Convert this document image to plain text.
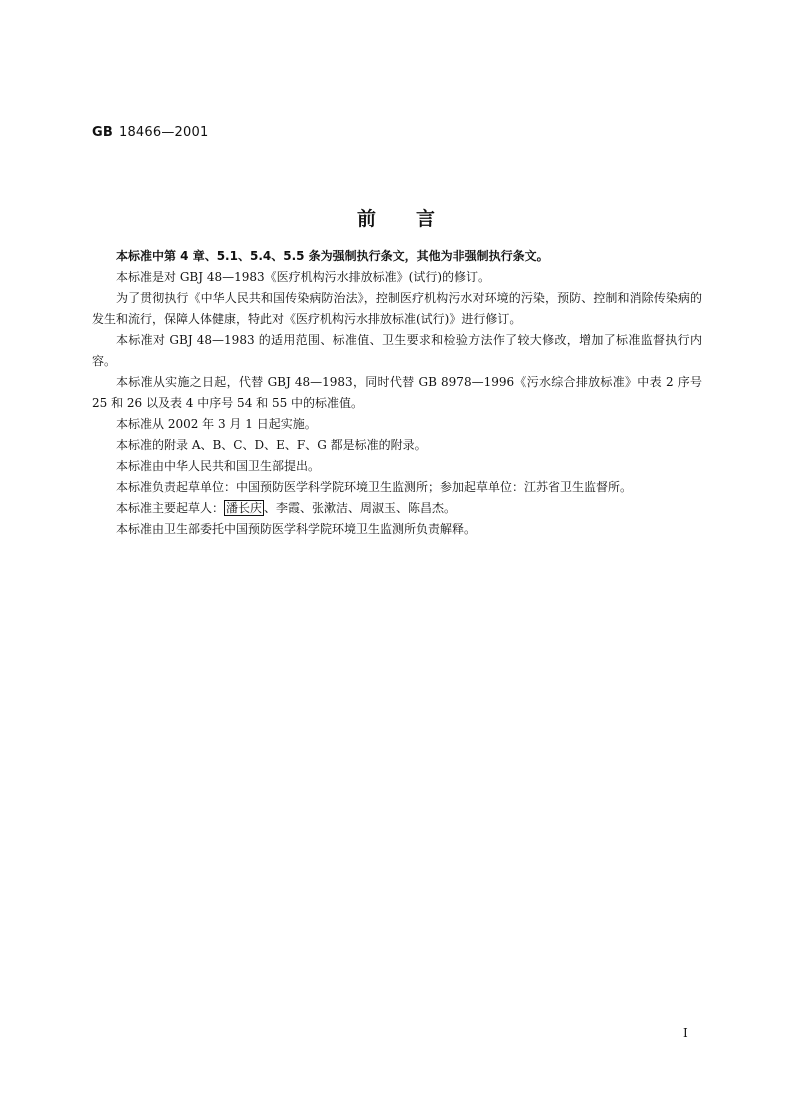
GB 18466—2001
前言

本标准中第 4 章、5.1、5.4、5.5 条为强制执行条文，其他为非强制执行条文。

本标准是对 GBJ 48—1983《医疗机构污水排放标准》(试行)的修订。

为了贯彻执行《中华人民共和国传染病防治法》，控制医疗机构污水对环境的污染，预防、控制和消除传染病的发生和流行，保障人体健康，特此对《医疗机构污水排放标准(试行)》进行修订。

本标准对 GBJ 48—1983 的适用范围、标准值、卫生要求和检验方法作了较大修改，增加了标准监督执行内容。

本标准从实施之日起，代替 GBJ 48—1983，同时代替 GB 8978—1996《污水综合排放标准》中表 2 序号 25 和 26 以及表 4 中序号 54 和 55 中的标准值。

本标准从 2002 年 3 月 1 日起实施。

本标准的附录 A、B、C、D、E、F、G 都是标准的附录。

本标准由中华人民共和国卫生部提出。

本标准负责起草单位：中国预防医学科学院环境卫生监测所；参加起草单位：江苏省卫生监督所。

本标准主要起草人： 潘长庆 、李霞、张漱洁、周淑玉、陈昌杰。

本标准由卫生部委托中国预防医学科学院环境卫生监测所负责解释。

I
